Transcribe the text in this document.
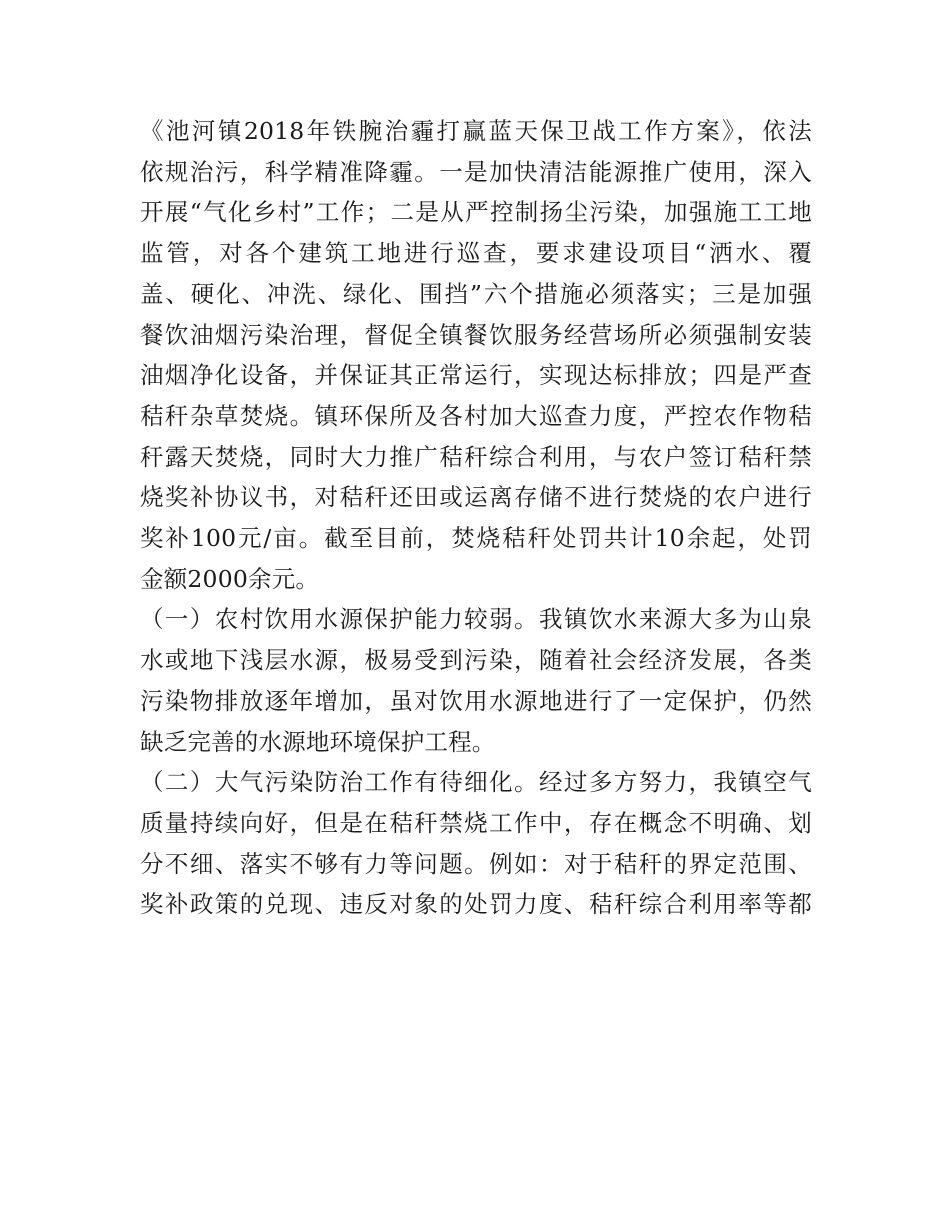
《池河镇2018年铁腕治霾打赢蓝天保卫战工作方案》，依法
依规治污，科学精准降霾。一是加快清洁能源推广使用，深入
开展“气化乡村”工作；二是从严控制扬尘污染，加强施工工地
监管，对各个建筑工地进行巡查，要求建设项目“洒水、覆
盖、硬化、冲洗、绿化、围挡”六个措施必须落实；三是加强
餐饮油烟污染治理，督促全镇餐饮服务经营场所必须强制安装
油烟净化设备，并保证其正常运行，实现达标排放；四是严查
秸秆杂草焚烧。镇环保所及各村加大巡查力度，严控农作物秸
秆露天焚烧，同时大力推广秸秆综合利用，与农户签订秸秆禁
烧奖补协议书，对秸秆还田或运离存储不进行焚烧的农户进行
奖补100元/亩。截至目前，焚烧秸秆处罚共计10余起，处罚
金额2000余元。
（一）农村饮用水源保护能力较弱。我镇饮水来源大多为山泉
水或地下浅层水源，极易受到污染，随着社会经济发展，各类
污染物排放逐年增加，虽对饮用水源地进行了一定保护，仍然
缺乏完善的水源地环境保护工程。
（二）大气污染防治工作有待细化。经过多方努力，我镇空气
质量持续向好，但是在秸秆禁烧工作中，存在概念不明确、划
分不细、落实不够有力等问题。例如：对于秸秆的界定范围、
奖补政策的兑现、违反对象的处罚力度、秸秆综合利用率等都
